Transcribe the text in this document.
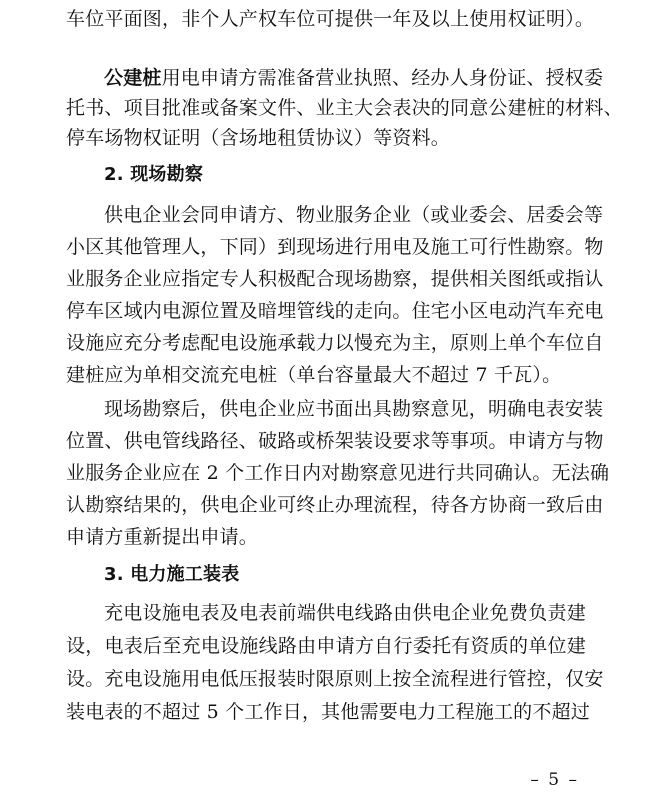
车位平面图，非个人产权车位可提供一年及以上使用权证明）。
公建桩用电申请方需准备营业执照、经办人身份证、授权委
托书、项目批准或备案文件、业主大会表决的同意公建桩的材料、
停车场物权证明（含场地租赁协议）等资料。
2. 现场勘察
供电企业会同申请方、物业服务企业（或业委会、居委会等
小区其他管理人，下同）到现场进行用电及施工可行性勘察。物
业服务企业应指定专人积极配合现场勘察，提供相关图纸或指认
停车区域内电源位置及暗埋管线的走向。住宅小区电动汽车充电
设施应充分考虑配电设施承载力以慢充为主，原则上单个车位自
建桩应为单相交流充电桩（单台容量最大不超过 7 千瓦）。
现场勘察后，供电企业应书面出具勘察意见，明确电表安装
位置、供电管线路径、破路或桥架装设要求等事项。申请方与物
业服务企业应在 2 个工作日内对勘察意见进行共同确认。无法确
认勘察结果的，供电企业可终止办理流程，待各方协商一致后由
申请方重新提出申请。
3. 电力施工装表
充电设施电表及电表前端供电线路由供电企业免费负责建
设，电表后至充电设施线路由申请方自行委托有资质的单位建
设。充电设施用电低压报装时限原则上按全流程进行管控，仅安
装电表的不超过 5 个工作日，其他需要电力工程施工的不超过
– 5 –
